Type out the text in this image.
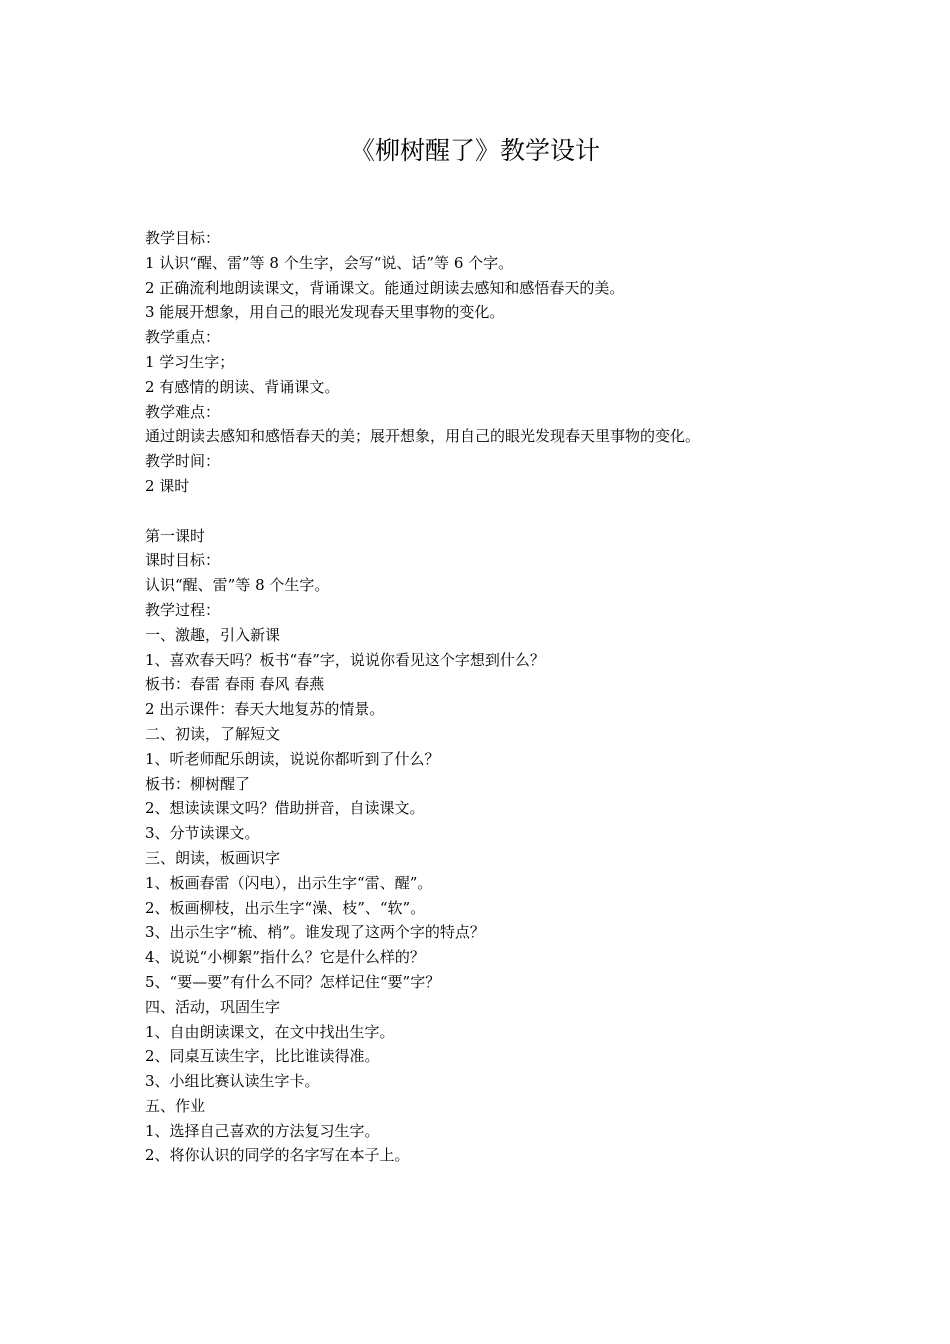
《柳树醒了》教学设计
教学目标：
1 认识“醒、雷”等 8 个生字，会写“说、话”等 6 个字。
2 正确流利地朗读课文，背诵课文。能通过朗读去感知和感悟春天的美。
3 能展开想象，用自己的眼光发现春天里事物的变化。
教学重点：
1 学习生字；
2 有感情的朗读、背诵课文。
教学难点：
通过朗读去感知和感悟春天的美；展开想象，用自己的眼光发现春天里事物的变化。
教学时间：
2 课时
第一课时
课时目标：
认识“醒、雷”等 8 个生字。
教学过程：
一、激趣，引入新课
1、喜欢春天吗？板书“春”字，说说你看见这个字想到什么？
板书：春雷 春雨 春风 春燕
2 出示课件：春天大地复苏的情景。
二、初读，了解短文
1、听老师配乐朗读，说说你都听到了什么？
板书：柳树醒了
2、想读读课文吗？借助拼音，自读课文。
3、分节读课文。
三、朗读，板画识字
1、板画春雷（闪电），出示生字“雷、醒”。
2、板画柳枝，出示生字“澡、枝”、“软”。
3、出示生字“梳、梢”。谁发现了这两个字的特点？
4、说说“小柳絮”指什么？它是什么样的？
5、“要—要”有什么不同？怎样记住“要”字？
四、活动，巩固生字
1、自由朗读课文，在文中找出生字。
2、同桌互读生字，比比谁读得准。
3、小组比赛认读生字卡。
五、作业
1、选择自己喜欢的方法复习生字。
2、将你认识的同学的名字写在本子上。
